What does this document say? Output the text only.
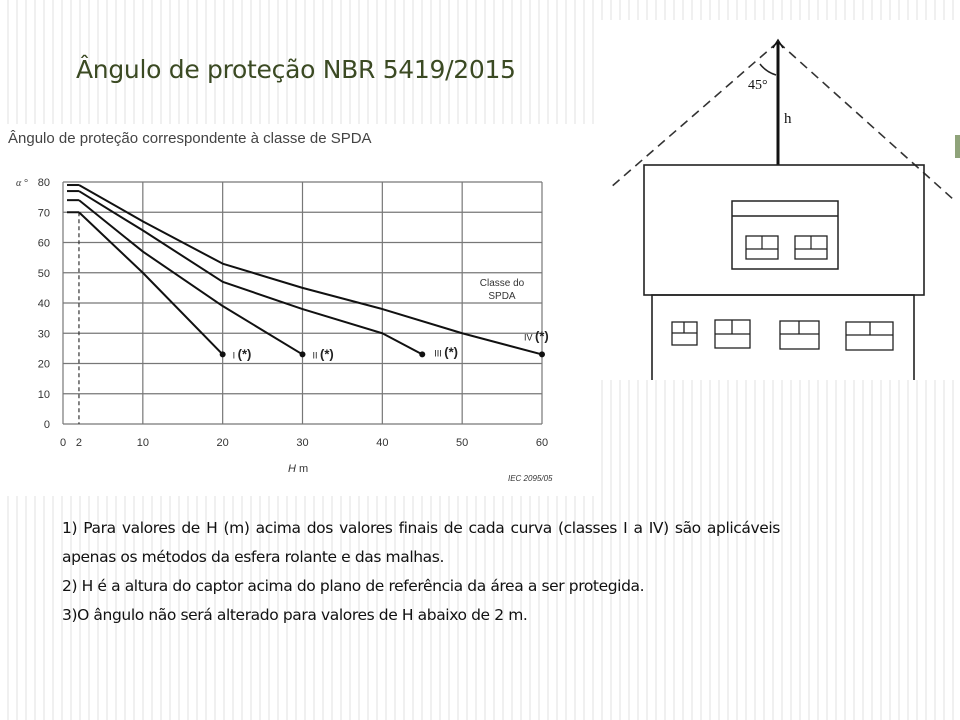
Ângulo de proteção NBR 5419/2015
Ângulo de proteção correspondente à classe de SPDA
0
10
20
30
40
50
60
70
80
α °
0 2	10	20	30	40	50	60
H m
IEC 2095/05
Classe do
SPDA
I (*)	II (*)	III (*)
IV (*)
45°
h

1) Para valores de H (m) acima dos valores finais de cada curva (classes I a IV) são aplicáveis apenas os métodos da esfera rolante e das malhas.

2) H é a altura do captor acima do plano de referência da área a ser protegida.

3)O ângulo não será alterado para valores de H abaixo de 2 m.
